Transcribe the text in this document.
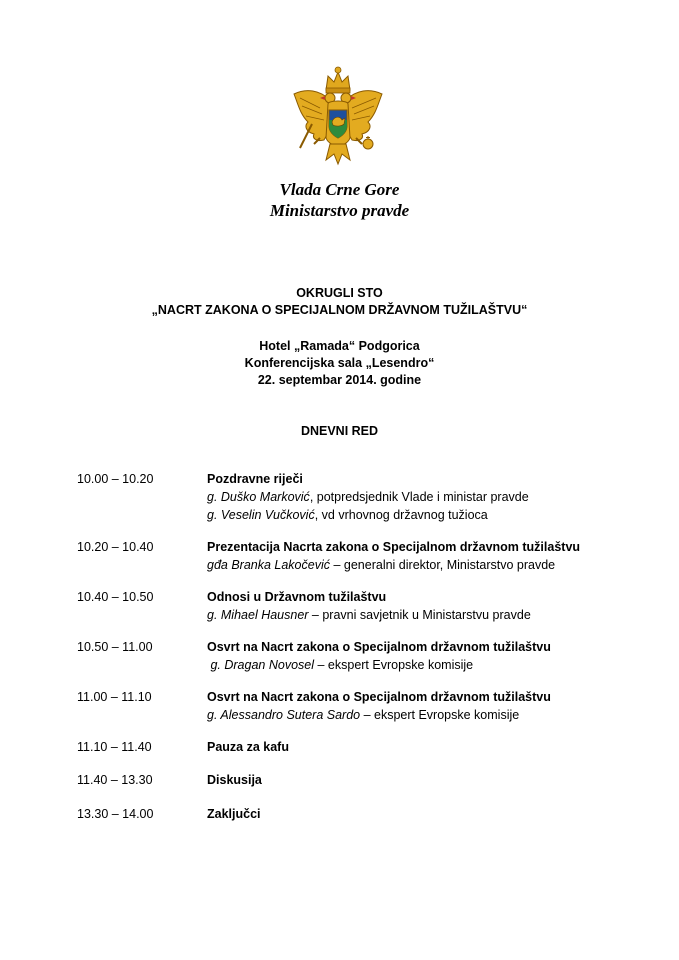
Vlada Crne Gore
Ministarstvo pravde
OKRUGLI STO
„NACRT ZAKONA O SPECIJALNOM DRŽAVNOM TUŽILAŠTVU“
Hotel „Ramada“ Podgorica
Konferencijska sala „Lesendro“
22. septembar 2014. godine
DNEVNI RED
10.00 – 10.20	Pozdravne riječi
g. Duško Marković, potpredsjednik Vlade i ministar pravde
g. Veselin Vučković, vd vrhovnog državnog tužioca
10.20 – 10.40	Prezentacija Nacrta zakona o Specijalnom državnom tužilaštvu
gđa Branka Lakočević – generalni direktor, Ministarstvo pravde
10.40 – 10.50	Odnosi u Državnom tužilaštvu
g. Mihael Hausner – pravni savjetnik u Ministarstvu pravde
10.50 – 11.00	Osvrt na Nacrt zakona o Specijalnom državnom tužilaštvu
g. Dragan Novosel – ekspert Evropske komisije
11.00 – 11.10	Osvrt na Nacrt zakona o Specijalnom državnom tužilaštvu
g. Alessandro Sutera Sardo – ekspert Evropske komisije
11.10 – 11.40	Pauza za kafu
11.40 – 13.30	Diskusija
13.30 – 14.00	Zaključci
